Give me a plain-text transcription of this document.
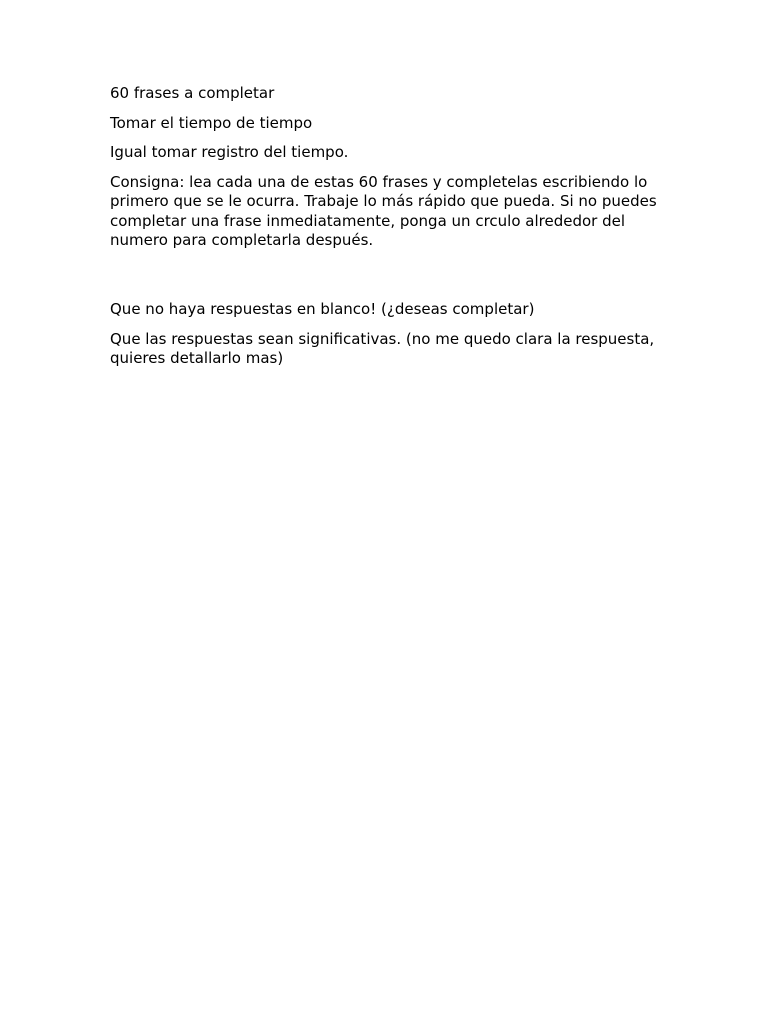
60 frases a completar

Tomar el tiempo de tiempo

Igual tomar registro del tiempo.

Consigna: lea cada una de estas 60 frases y completelas escribiendo lo primero que se le ocurra. Trabaje lo más rápido que pueda. Si no puedes completar una frase inmediatamente, ponga un crculo alrededor del numero para completarla después.

Que no haya respuestas en blanco! (¿deseas completar)

Que las respuestas sean significativas. (no me quedo clara la respuesta, quieres detallarlo mas)
